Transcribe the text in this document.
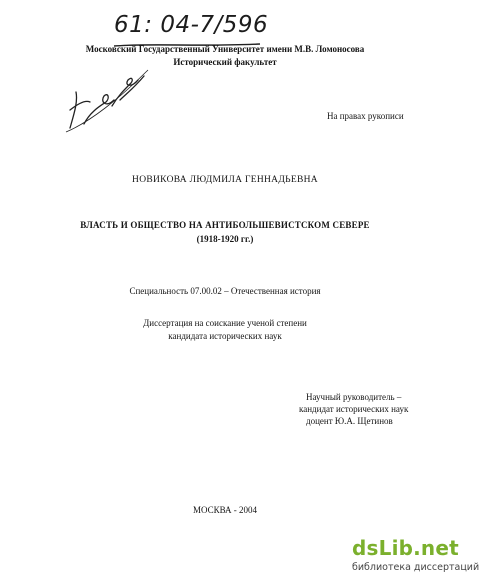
61: 04-7/596
Московский Государственный Университет имени М.В. Ломоносова
Исторический факультет
На правах рукописи
НОВИКОВА ЛЮДМИЛА ГЕННАДЬЕВНА
ВЛАСТЬ И ОБЩЕСТВО НА АНТИБОЛЬШЕВИСТСКОМ СЕВЕРЕ
(1918-1920 гг.)
Специальность 07.00.02 – Отечественная история
Диссертация на соискание ученой степени
кандидата исторических наук
Научный руководитель –
кандидат исторических наук
доцент Ю.А. Щетинов
МОСКВА - 2004
dsLib.net
библиотека диссертаций
